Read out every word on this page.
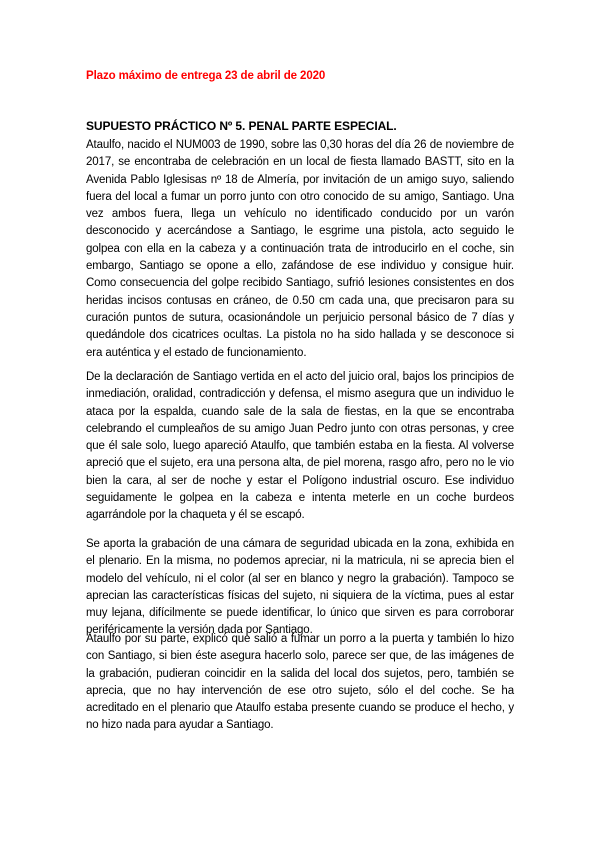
Plazo máximo de entrega 23 de abril de 2020
SUPUESTO PRÁCTICO Nº 5. PENAL PARTE ESPECIAL.

Ataulfo, nacido el NUM003 de 1990, sobre las 0,30 horas del día 26 de noviembre de 2017, se encontraba de celebración en un local de fiesta llamado BASTT, sito en la Avenida Pablo Iglesisas nº 18 de Almería, por invitación de un amigo suyo, saliendo fuera del local a fumar un porro junto con otro conocido de su amigo, Santiago. Una vez ambos fuera, llega un vehículo no identificado conducido por un varón desconocido y acercándose a Santiago, le esgrime una pistola, acto seguido le golpea con ella en la cabeza y a continuación trata de introducirlo en el coche, sin embargo, Santiago se opone a ello, zafándose de ese individuo y consigue huir. Como consecuencia del golpe recibido Santiago, sufrió lesiones consistentes en dos heridas incisos contusas en cráneo, de 0.50 cm cada una, que precisaron para su curación puntos de sutura, ocasionándole un perjuicio personal básico de 7 días y quedándole dos cicatrices ocultas. La pistola no ha sido hallada y se desconoce si era auténtica y el estado de funcionamiento.

De la declaración de Santiago vertida en el acto del juicio oral, bajos los principios de inmediación, oralidad, contradicción y defensa, el mismo asegura que un individuo le ataca por la espalda, cuando sale de la sala de fiestas, en la que se encontraba celebrando el cumpleaños de su amigo Juan Pedro junto con otras personas, y cree que él sale solo, luego apareció Ataulfo, que también estaba en la fiesta. Al volverse apreció que el sujeto, era una persona alta, de piel morena, rasgo afro, pero no le vio bien la cara, al ser de noche y estar el Polígono industrial oscuro. Ese individuo seguidamente le golpea en la cabeza e intenta meterle en un coche burdeos agarrándole por la chaqueta y él se escapó.

Se aporta la grabación de una cámara de seguridad ubicada en la zona, exhibida en el plenario. En la misma, no podemos apreciar, ni la matricula, ni se aprecia bien el modelo del vehículo, ni el color (al ser en blanco y negro la grabación). Tampoco se aprecian las características físicas del sujeto, ni siquiera de la víctima, pues al estar muy lejana, difícilmente se puede identificar, lo único que sirven es para corroborar periféricamente la versión dada por Santiago.

Ataulfo por su parte, explicó que salió a fumar un porro a la puerta y también lo hizo con Santiago, si bien éste asegura hacerlo solo, parece ser que, de las imágenes de la grabación, pudieran coincidir en la salida del local dos sujetos, pero, también se aprecia, que no hay intervención de ese otro sujeto, sólo el del coche. Se ha acreditado en el plenario que Ataulfo estaba presente cuando se produce el hecho, y no hizo nada para ayudar a Santiago.
